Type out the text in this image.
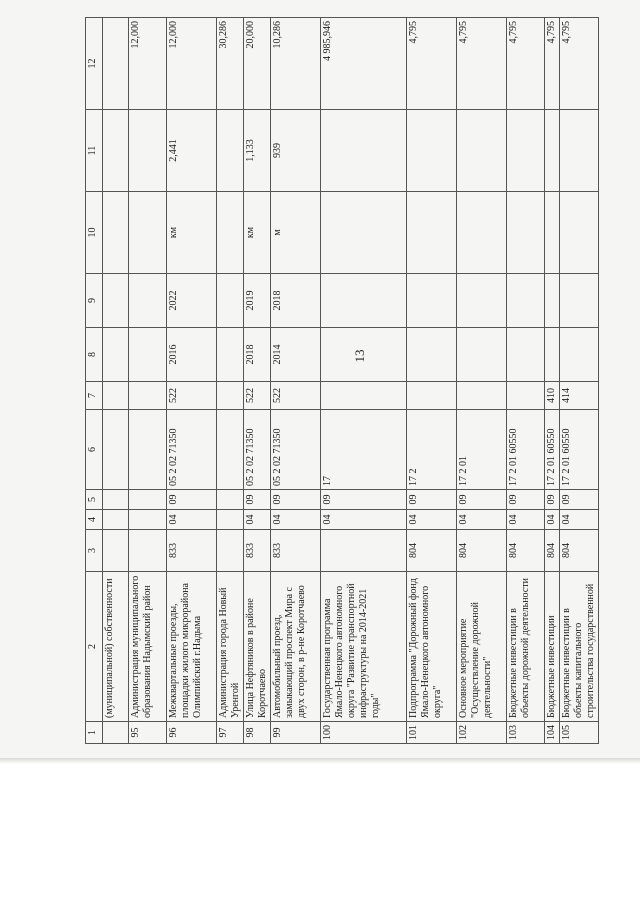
13
1	2	3	4	5	6	7	8	9	10	11	12
	(муниципальной) собственности										
95	Администрация муниципального образования Надымский район										12,000
96	Межквартальные проезды, площадки жилого микрорайона Олимпийский г.Надыма	833	04	09	05 2 02 71350	522	2016	2022	км	2,441	12,000
97	Администрация города Новый Уренгой										30,286
98	Улица Нефтяников в районе Коротчаево	833	04	09	05 2 02 71350	522	2018	2019	км	1,133	20,000
99	Автомобильный проезд, замыкающий проспект Мира с двух сторон, в р-не Коротчаево	833	04	09	05 2 02 71350	522	2014	2018	м	939	10,286
100	Государственная программа Ямало-Ненецкого автономного округа "Развитие транспортной инфраструктуры на 2014-2021 годы"		04	09	17						4 985,946
101	Подпрограмма "Дорожный фонд Ямало-Ненецкого автономного округа"	804	04	09	17 2						4,795
102	Основное мероприятие "Осуществление дорожной деятельности"	804	04	09	17 2 01						4,795
103	Бюджетные инвестиции в объекты дорожной деятельности	804	04	09	17 2 01 60550						4,795
104	Бюджетные инвестиции	804	04	09	17 2 01 60550	410					4,795
105	Бюджетные инвестиции в объекты капитального строительства государственной	804	04	09	17 2 01 60550	414					4,795
